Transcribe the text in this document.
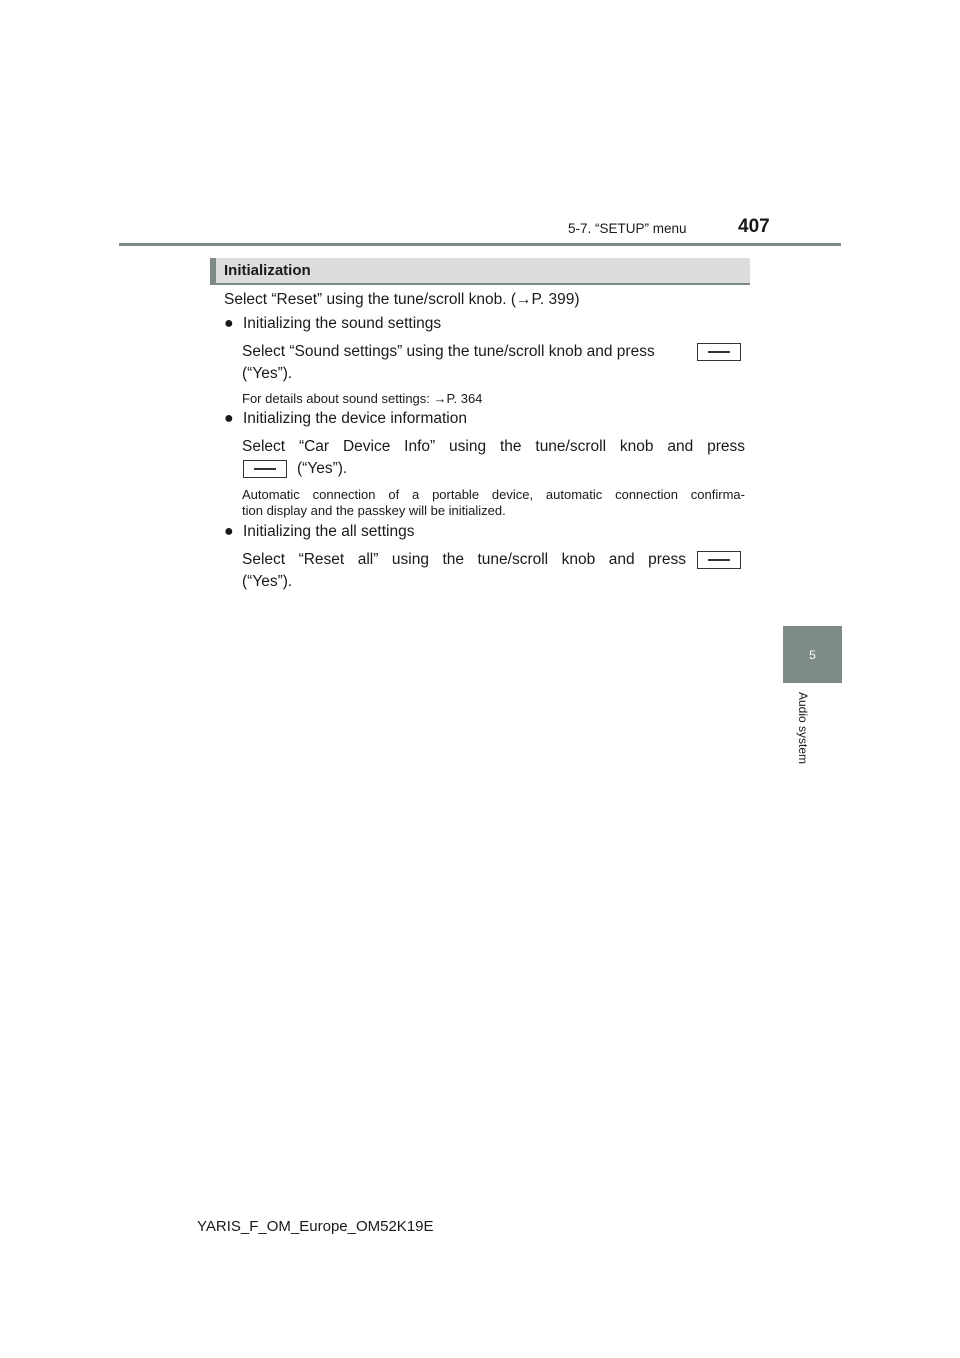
5-7. “SETUP” menu	407
5
Audio system
Initialization
Select “Reset” using the tune/scroll knob. (→P. 399)
● Initializing the sound settings
Select “Sound settings” using the tune/scroll knob and press
(“Yes”).
For details about sound settings: →P. 364
● Initializing the device information
Select “Car Device Info” using the tune/scroll knob and press
(“Yes”).
Automatic connection of a portable device, automatic connection confirma-
tion display and the passkey will be initialized.
● Initializing the all settings
Select “Reset all” using the tune/scroll knob and press
(“Yes”).
YARIS_F_OM_Europe_OM52K19E
